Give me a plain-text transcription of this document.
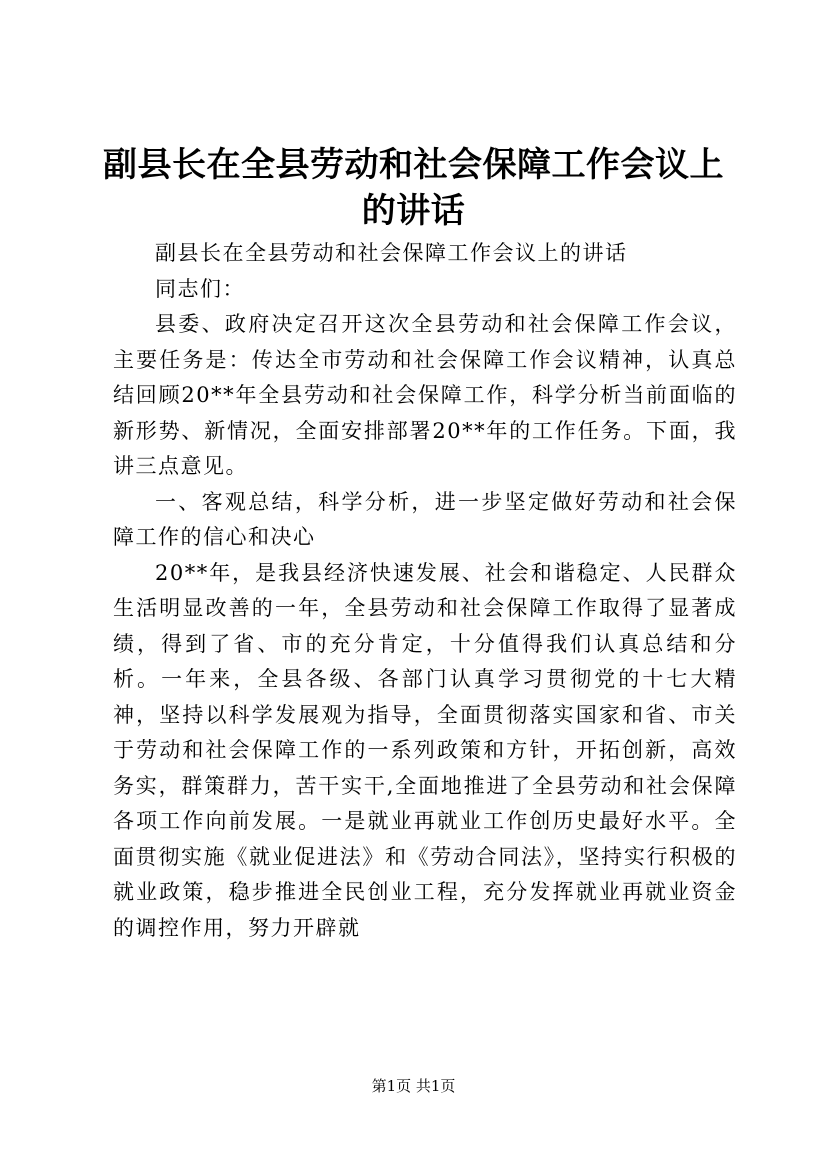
副县长在全县劳动和社会保障工作会议上的讲话

副县长在全县劳动和社会保障工作会议上的讲话

同志们：

县委、政府决定召开这次全县劳动和社会保障工作会议，主要任务是：传达全市劳动和社会保障工作会议精神，认真总结回顾20**年全县劳动和社会保障工作，科学分析当前面临的新形势、新情况，全面安排部署20**年的工作任务。下面，我讲三点意见。

一、客观总结，科学分析，进一步坚定做好劳动和社会保障工作的信心和决心

20**年，是我县经济快速发展、社会和谐稳定、人民群众生活明显改善的一年，全县劳动和社会保障工作取得了显著成绩，得到了省、市的充分肯定，十分值得我们认真总结和分析。一年来，全县各级、各部门认真学习贯彻党的十七大精神，坚持以科学发展观为指导，全面贯彻落实国家和省、市关于劳动和社会保障工作的一系列政策和方针，开拓创新，高效务实，群策群力，苦干实干,全面地推进了全县劳动和社会保障各项工作向前发展。一是就业再就业工作创历史最好水平。全面贯彻实施《就业促进法》和《劳动合同法》，坚持实行积极的就业政策，稳步推进全民创业工程，充分发挥就业再就业资金的调控作用，努力开辟就

第1页 共1页
